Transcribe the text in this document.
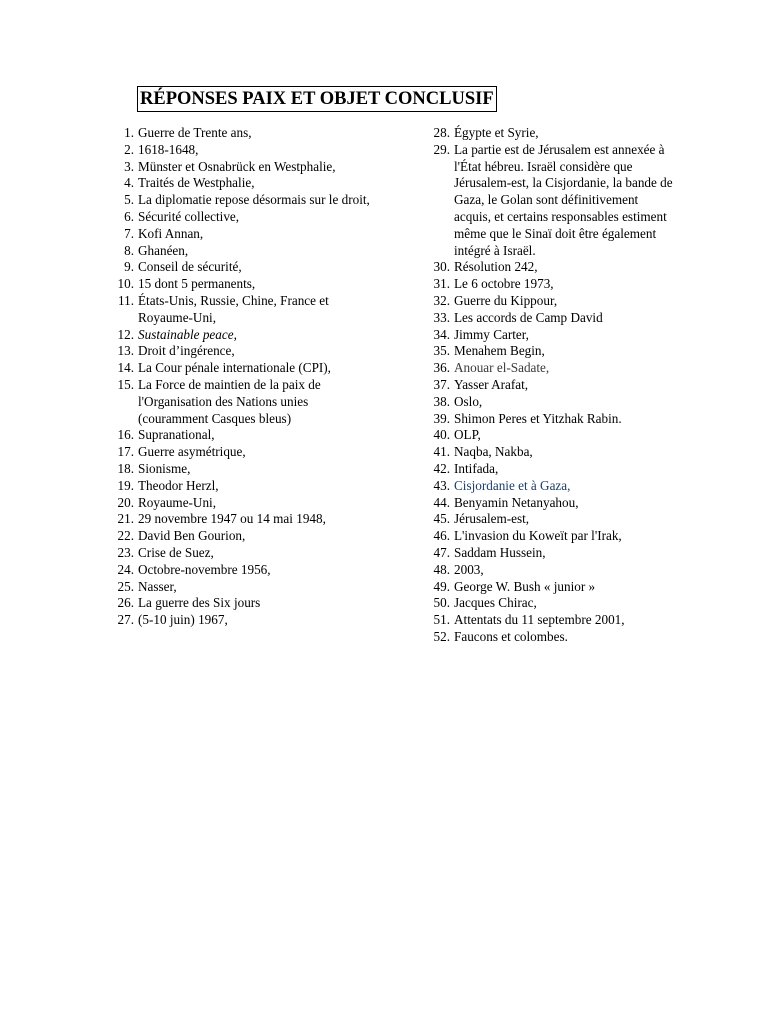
RÉPONSES PAIX ET OBJET CONCLUSIF
1. Guerre de Trente ans,
2. 1618-1648,
3. Münster et Osnabrück en Westphalie,
4. Traités de Westphalie,
5. La diplomatie repose désormais sur le droit,
6. Sécurité collective,
7. Kofi Annan,
8. Ghanéen,
9. Conseil de sécurité,
10. 15 dont 5 permanents,
11. États-Unis, Russie, Chine, France et Royaume-Uni,
12. Sustainable peace,
13. Droit d’ingérence,
14. La Cour pénale internationale (CPI),
15. La Force de maintien de la paix de l'Organisation des Nations unies (couramment Casques bleus)
16. Supranational,
17. Guerre asymétrique,
18. Sionisme,
19. Theodor Herzl,
20. Royaume-Uni,
21. 29 novembre 1947 ou 14 mai 1948,
22. David Ben Gourion,
23. Crise de Suez,
24. Octobre-novembre 1956,
25. Nasser,
26. La guerre des Six jours
27. (5-10 juin) 1967,
28. Égypte et Syrie,
29. La partie est de Jérusalem est annexée à l'État hébreu. Israël considère que Jérusalem-est, la Cisjordanie, la bande de Gaza, le Golan sont définitivement acquis, et certains responsables estiment même que le Sinaï doit être également intégré à Israël.
30. Résolution 242,
31. Le 6 octobre 1973,
32. Guerre du Kippour,
33. Les accords de Camp David
34. Jimmy Carter,
35. Menahem Begin,
36. Anouar el-Sadate,
37. Yasser Arafat,
38. Oslo,
39. Shimon Peres et Yitzhak Rabin.
40. OLP,
41. Naqba, Nakba,
42. Intifada,
43. Cisjordanie et à Gaza,
44. Benyamin Netanyahou,
45. Jérusalem-est,
46. L'invasion du Koweït par l'Irak,
47. Saddam Hussein,
48. 2003,
49. George W. Bush « junior »
50. Jacques Chirac,
51. Attentats du 11 septembre 2001,
52. Faucons et colombes.
